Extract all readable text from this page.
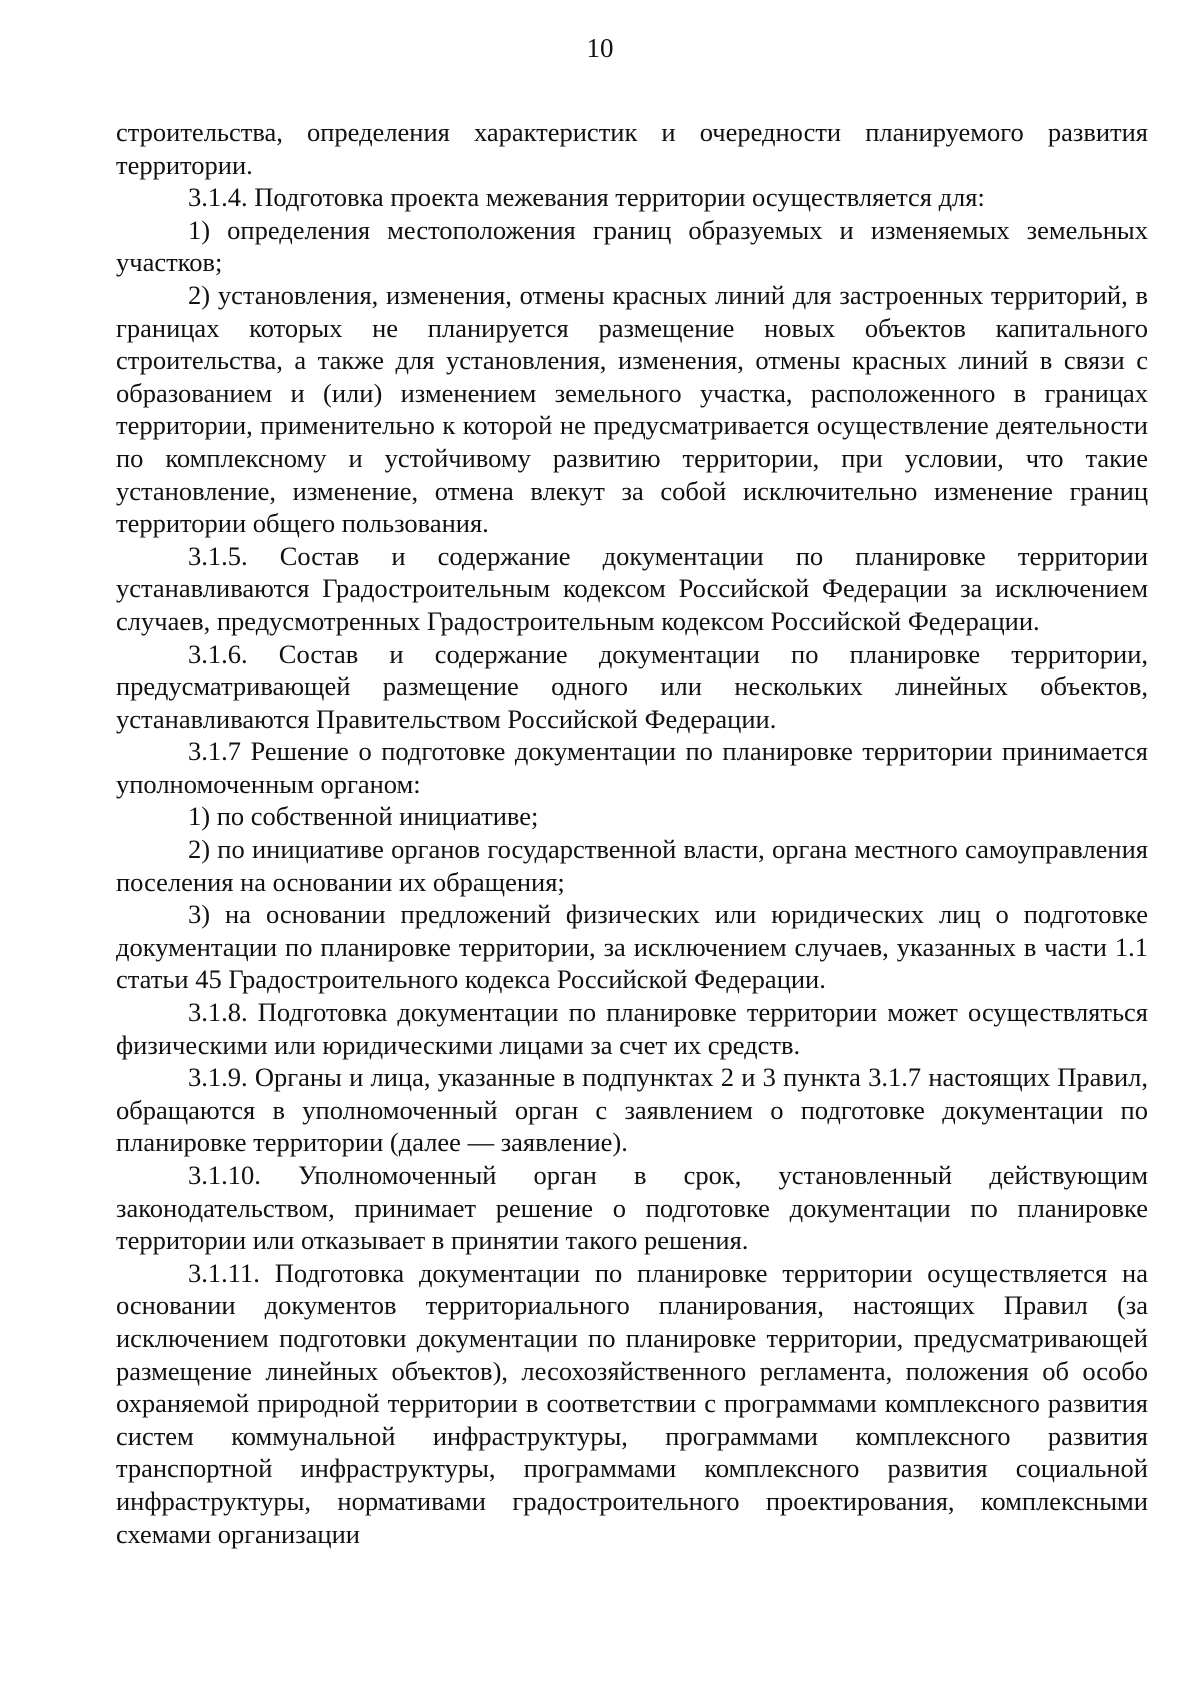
10

строительства, определения характеристик и очередности планируемого развития территории.

3.1.4. Подготовка проекта межевания территории осуществляется для:

1) определения местоположения границ образуемых и изменяемых земельных участков;

2) установления, изменения, отмены красных линий для застроенных территорий, в границах которых не планируется размещение новых объектов капитального строительства, а также для установления, изменения, отмены красных линий в связи с образованием и (или) изменением земельного участка, расположенного в границах территории, применительно к которой не предусматривается осуществление деятельности по комплексному и устойчивому развитию территории, при условии, что такие установление, изменение, отмена влекут за собой исключительно изменение границ территории общего пользования.

3.1.5. Состав и содержание документации по планировке территории устанавливаются Градостроительным кодексом Российской Федерации за исключением случаев, предусмотренных Градостроительным кодексом Российской Федерации.

3.1.6. Состав и содержание документации по планировке территории, предусматривающей размещение одного или нескольких линейных объектов, устанавливаются Правительством Российской Федерации.

3.1.7 Решение о подготовке документации по планировке территории принимается уполномоченным органом:

1) по собственной инициативе;

2) по инициативе органов государственной власти, органа местного самоуправления поселения на основании их обращения;

3) на основании предложений физических или юридических лиц о подготовке документации по планировке территории, за исключением случаев, указанных в части 1.1 статьи 45 Градостроительного кодекса Российской Федерации.

3.1.8. Подготовка документации по планировке территории может осуществляться физическими или юридическими лицами за счет их средств.

3.1.9. Органы и лица, указанные в подпунктах 2 и 3 пункта 3.1.7 настоящих Правил, обращаются в уполномоченный орган с заявлением о подготовке документации по планировке территории (далее — заявление).

3.1.10. Уполномоченный орган в срок, установленный действующим законодательством, принимает решение о подготовке документации по планировке территории или отказывает в принятии такого решения.

3.1.11. Подготовка документации по планировке территории осуществляется на основании документов территориального планирования, настоящих Правил (за исключением подготовки документации по планировке территории, предусматривающей размещение линейных объектов), лесохозяйственного регламента, положения об особо охраняемой природной территории в соответствии с программами комплексного развития систем коммунальной инфраструктуры, программами комплексного развития транспортной инфраструктуры, программами комплексного развития социальной инфраструктуры, нормативами градостроительного проектирования, комплексными схемами организации
